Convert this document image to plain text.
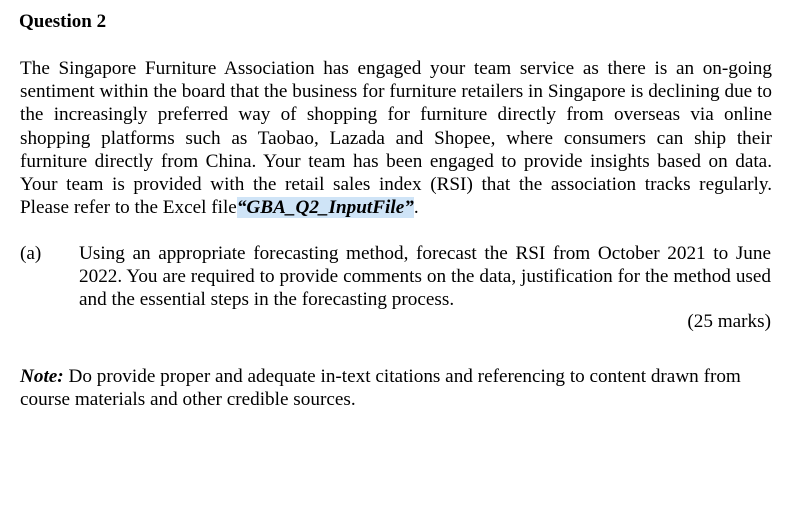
Question 2

The Singapore Furniture Association has engaged your team service as there is an on-going sentiment within the board that the business for furniture retailers in Singapore is declining due to the increasingly preferred way of shopping for furniture directly from overseas via online shopping platforms such as Taobao, Lazada and Shopee, where consumers can ship their furniture directly from China. Your team has been engaged to provide insights based on data. Your team is provided with the retail sales index (RSI) that the association tracks regularly. Please refer to the Excel file“GBA_Q2_InputFile”.

(a) Using an appropriate forecasting method, forecast the RSI from October 2021 to June 2022. You are required to provide comments on the data, justification for the method used and the essential steps in the forecasting process.

(25 marks)

Note: Do provide proper and adequate in-text citations and referencing to content drawn from course materials and other credible sources.
